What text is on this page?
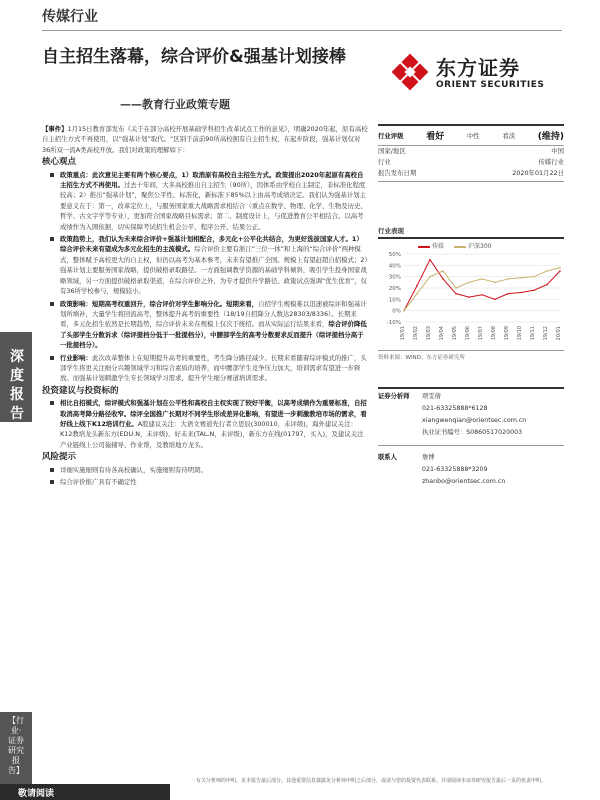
传媒行业
自主招生落幕，综合评价&强基计划接棒
——教育行业政策专题
东方证券
ORIENT SECURITIES
深度报告
【行业·证券研究报告】
【事件】1月15日教育部发布《关于在部分高校开展基础学科招生改革试点工作的意见》，明确2020年起，原有高校自主招生方式不再使用，以“强基计划”取代。“区别于前前90所高校拥有自主招生权，在起步阶段，强基计划仅对36所双一流A类高校开放。我们对政策的理解如下：
核心观点
政策重点：此次意见主要有两个核心要点，1）取消原有高校自主招生方式。政策提出2020年起原有高校自主招生方式不再使用。过去十年间，大多高校推出自主招生（90所），因体系由学校自主制定，非标准化程度较高；2）推出“强基计划”，聚焦公平性、标准化，新标准下85%以上由高考成绩决定。我们认为强基计划主要意义在于：第一，改革定位上，与服务国家重大战略需求相结合（重点在数学、物理、化学、生物及历史、哲学、古文字学等专业），更加符合国家战略目标需求；第二，制度设计上，与促进教育公平相结合。以高考成绩作为入围依据，切实保障考试招生机会公平、程序公开、结果公正。
政策趋势上，我们认为未来综合评价+强基计划相配合，多元化+公平化共结合，为更好选拔国家人才。1）综合评价未来有望成为多元化招生的主流模式。综合评价主要有浙江“三位一体”和上海的“综合评价”两种模式，整体赋予高校更大的自主权，但仍以高考为基本参考，未来有望推广全国。规模上有望赶超自招模式；2）强基计划主要服务国家战略，提供破格录取路径。一方面强调教学资源的基础学科倾斜，吸引学生投身国家战略领域，另一方面提供破格录取渠道，在综合评价之外，为专才提供升学路径。政策试点强调“优生优育”，仅有36所学校参与，规模较小。
政策影响：短期高考权重回升，综合评价对学生影响分化。短期来看，自招学生规模难以迅速被综评和强基计划所填补，大量学生将回流高考，整体提升高考的重要性（18/19自招降分人数达28303/8336）。长期来看，多元化招生依然是长期趋势，综合评价未来在规模上仅次于统招。而从实际运行结果来看，综合评价降低了头部学生分数诉求（综评提档分低于一批提档分），中腰部学生的高考分数要求反而提升（综评提档分高于一批提档分）。
行业影响：此次改革整体上在短期提升高考的重要性，考生降分路径减少。长期来看随着综评模式的推广，头部学生将更关注细分兴趣领域学习和综合素质的培养，而中腰部学生竞争压力加大，培训需求有望进一步释放。而强基计划刺激学生专长领域学习需求，提升学生细分赛道培训需求。
投资建议与投资标的
相比自招模式，综评模式和强基计划在公平性和高校自主权实现了较好平衡，以高考成绩作为重要标准，自招取消高考降分路径收窄。综评全国推广长期对不同学生形成差异化影响，有望进一步刺激教培市场的需求，看好线上线下K12培训行业。A股建议关注：大语文赛道先行者立思辰(300010，未评级)，海外建议关注：K12教培龙头新东方(EDU.N，未评级)、好未来(TAL.N，未评级)，新东方在线(01797，买入)，及建议关注产业链线上公司猿辅导、作业帮，及教培地方龙头。
风险提示
详细实施细则有待各高校确认，实施细则有待明朗。
综合评价推广具有不确定性
行业评级	看好	中性	看淡	(维持)
国家/地区	中国
行业	传媒行业
报告发布日期	2020年01月22日
行业表现
传媒	沪深300
50%
40%
30%
20%
10%
0%
-10%
19/01 19/02 19/03 19/04 19/05 19/06 19/07 19/08 19/09 19/10 19/11 19/12 20/01
资料来源：WIND、东方证券研究所
证券分析师	项雯倩
021-63325888*6128
xiangwenqian@orientsec.com.cn
执业证书编号：S0860517020003
联系人	詹博
021-63325888*3209
zhanbo@orientsec.com.cn
敬请阅读
有关分析师的申明，见本报告最后部分。其他重要信息披露见分析师申明之后部分，或请与您的投资代表联系。并请阅读本证券研究报告最后一页的免责申明。
